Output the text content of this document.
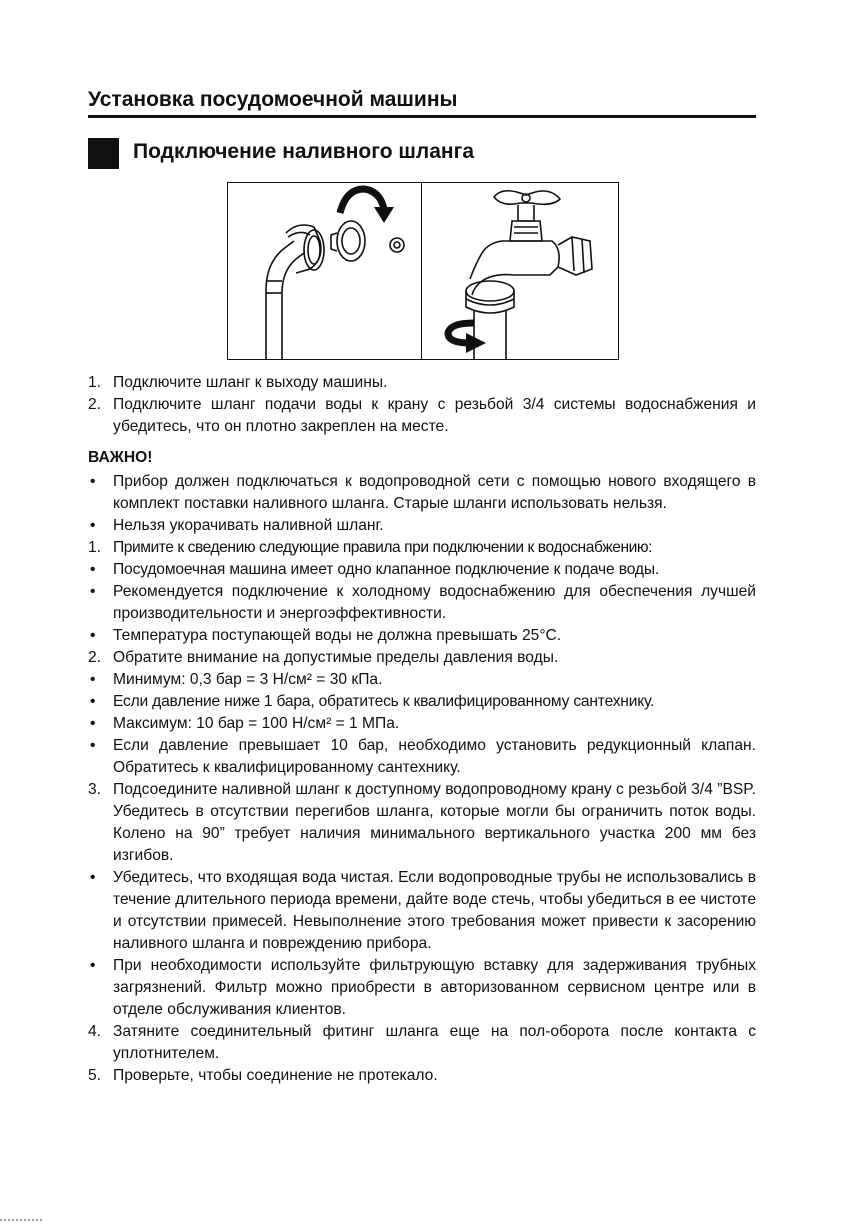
Установка посудомоечной машины
Подключение наливного шланга
1. Подключите шланг к выходу машины.
2. Подключите шланг подачи воды к крану с резьбой 3/4 системы водоснабжения и убедитесь, что он плотно закреплен на месте.
ВАЖНО!
•	Прибор должен подключаться к водопроводной сети с помощью нового входящего в комплект поставки наливного шланга. Старые шланги использовать нельзя.
•	Нельзя укорачивать наливной шланг.
1. Примите к сведению следующие правила при подключении к водоснабжению:
•	Посудомоечная машина имеет одно клапанное подключение к подаче воды.
•	Рекомендуется подключение к холодному водоснабжению для обеспечения лучшей производительности и энергоэффективности.
•	Температура поступающей воды не должна превышать 25°С.
2. Обратите внимание на допустимые пределы давления воды.
•	Минимум: 0,3 бар = 3 Н/см² = 30 кПа.
•	Если давление ниже 1 бара, обратитесь к квалифицированному сантехнику.
•	Максимум: 10 бар = 100 Н/см² = 1 МПа.
•	Если давление превышает 10 бар, необходимо установить редукционный клапан. Обратитесь к квалифицированному сантехнику.
3. Подсоедините наливной шланг к доступному водопроводному крану с резьбой 3/4 ”BSP. Убедитесь в отсутствии перегибов шланга, которые могли бы ограничить поток воды. Колено на 90” требует наличия минимального вертикального участка 200 мм без изгибов.
•	Убедитесь, что входящая вода чистая. Если водопроводные трубы не использовались в течение длительного периода времени, дайте воде стечь, чтобы убедиться в ее чистоте и отсутствии примесей. Невыполнение этого требования может привести к засорению наливного шланга и повреждению прибора.
•	При необходимости используйте фильтрующую вставку для задерживания трубных загрязнений. Фильтр можно приобрести в авторизованном сервисном центре или в отделе обслуживания клиентов.
4. Затяните соединительный фитинг шланга еще на пол-оборота после контакта с уплотнителем.
5. Проверьте, чтобы соединение не протекало.
